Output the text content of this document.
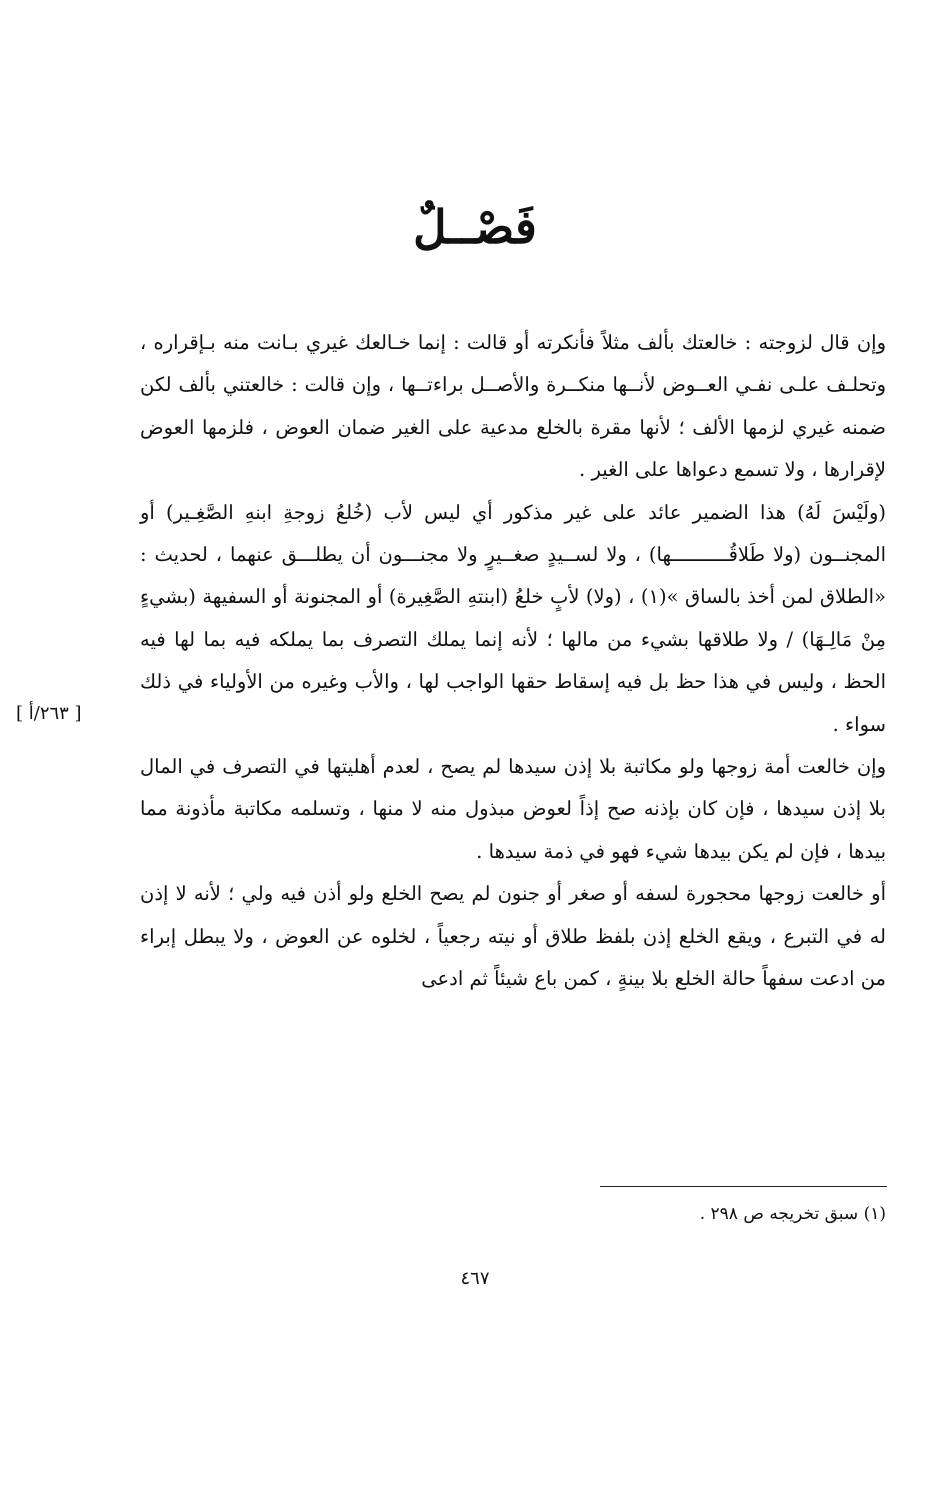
فَصْــلٌ

وإن قال لزوجته : خالعتك بألف مثلاً فأنكرته أو قالت : إنما خـالعك غيري بـانت منه بـإقراره ، وتحلـف علـى نفـي العــوض لأنــها منكــرة والأصــل براءتــها ، وإن قالت : خالعتني بألف لكن ضمنه غيري لزمها الألف ؛ لأنها مقرة بالخلع مدعية على الغير ضمان العوض ، فلزمها العوض لإقرارها ، ولا تسمع دعواها على الغير .

(ولَيْسَ لَهُ) هذا الضمير عائد على غير مذكور أي ليس لأب (خُلعُ زوجةِ ابنهِ الصَّغِـير) أو المجنــون (ولا طَلاقُــــــــــها) ، ولا لســيدٍ صغــيرٍ ولا مجنـــون أن يطلـــق عنهما ، لحديث : «الطلاق لمن أخذ بالساق »(١) ، (ولا) لأبٍ خلعُ (ابنتهِ الصَّغِيرة) أو المجنونة أو السفيهة (بشيءٍ مِنْ مَالِـهَا) / ولا طلاقها بشيء من مالها ؛ لأنه إنما يملك التصرف بما يملكه فيه بما لها فيه الحظ ، وليس في هذا حظ بل فيه إسقاط حقها الواجب لها ، والأب وغيره من الأولياء في ذلك سواء .

وإن خالعت أمة زوجها ولو مكاتبة بلا إذن سيدها لم يصح ، لعدم أهليتها في التصرف في المال بلا إذن سيدها ، فإن كان بإذنه صح إذاً لعوض مبذول منه لا منها ، وتسلمه مكاتبة مأذونة مما بيدها ، فإن لم يكن بيدها شيء فهو في ذمة سيدها .

أو خالعت زوجها محجورة لسفه أو صغر أو جنون لم يصح الخلع ولو أذن فيه ولي ؛ لأنه لا إذن له في التبرع ، ويقع الخلع إذن بلفظ طلاق أو نيته رجعياً ، لخلوه عن العوض ، ولا يبطل إبراء من ادعت سفهاً حالة الخلع بلا بينةٍ ، كمن باع شيئاً ثم ادعى

[ ٢٦٣/أ ]
(١) سبق تخريجه ص ٢٩٨ .
٤٦٧
